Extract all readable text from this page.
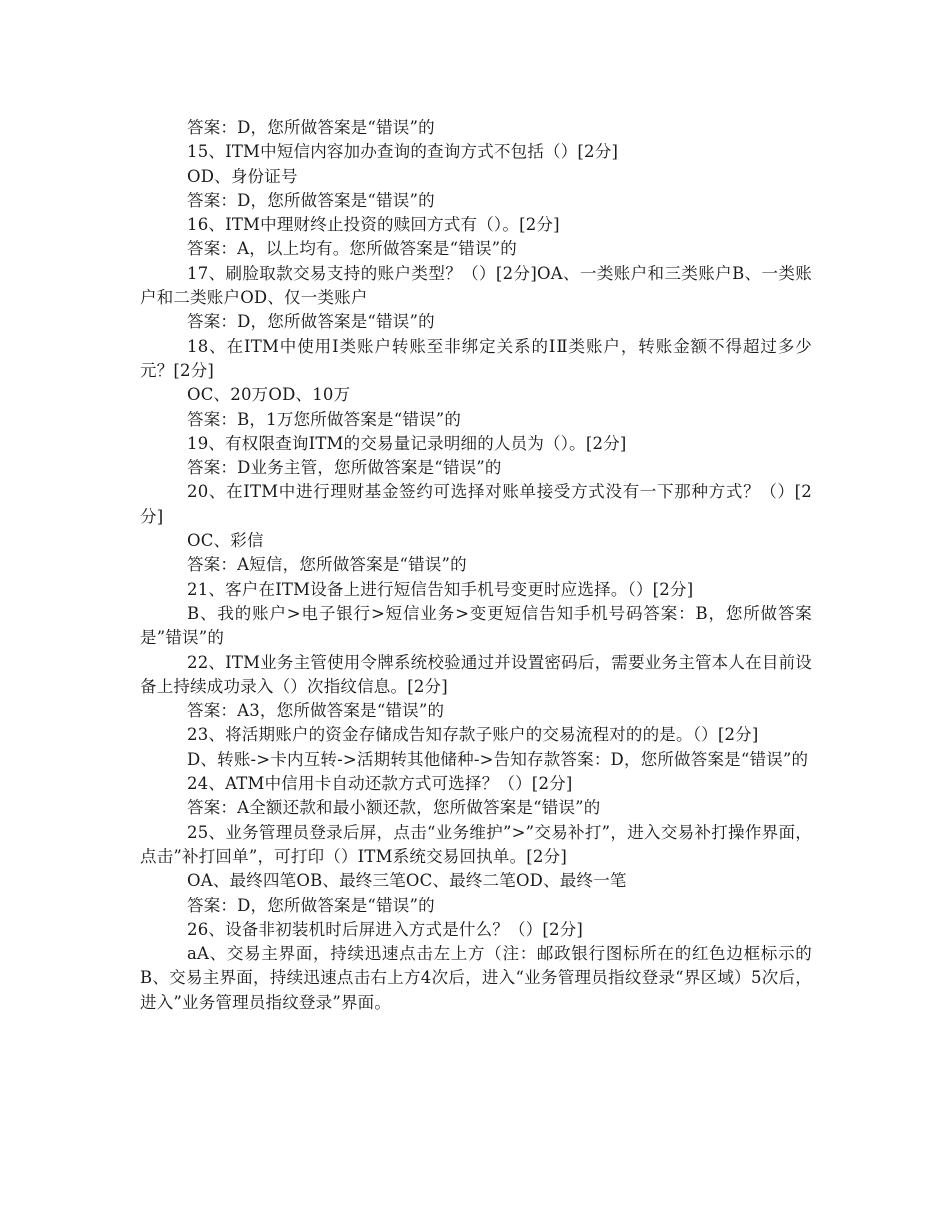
答案：D，您所做答案是“错误”的

15、ITM中短信内容加办查询的查询方式不包括（）[2分]

OD、身份证号

答案：D，您所做答案是“错误”的

16、ITM中理财终止投资的赎回方式有（）。[2分]

答案：A，以上均有。您所做答案是“错误”的

17、刷脸取款交易支持的账户类型？（）[2分]OA、一类账户和三类账户B、一类账户和二类账户OD、仅一类账户

答案：D，您所做答案是“错误”的

18、在ITM中使用I类账户转账至非绑定关系的IⅡ类账户，转账金额不得超过多少元？[2分]

OC、20万OD、10万

答案：B，1万您所做答案是“错误”的

19、有权限查询ITM的交易量记录明细的人员为（）。[2分]

答案：D业务主管，您所做答案是“错误”的

20、在ITM中进行理财基金签约可选择对账单接受方式没有一下那种方式？（）[2分]

OC、彩信

答案：A短信，您所做答案是“错误”的

21、客户在ITM设备上进行短信告知手机号变更时应选择。（）[2分]

B、我的账户>电子银行>短信业务>变更短信告知手机号码答案：B，您所做答案是”错误”的

22、ITM业务主管使用令牌系统校验通过并设置密码后，需要业务主管本人在目前设备上持续成功录入（）次指纹信息。[2分]

答案：A3，您所做答案是“错误”的

23、将活期账户的资金存储成告知存款子账户的交易流程对的的是。（）[2分]

D、转账->卡内互转->活期转其他储种->告知存款答案：D，您所做答案是“错误”的

24、ATM中信用卡自动还款方式可选择？（）[2分]

答案：A全额还款和最小额还款，您所做答案是“错误”的

25、业务管理员登录后屏，点击“业务维护”>”交易补打”，进入交易补打操作界面，点击”补打回单”，可打印（）ITM系统交易回执单。[2分]

OA、最终四笔OB、最终三笔OC、最终二笔OD、最终一笔

答案：D，您所做答案是“错误”的

26、设备非初装机时后屏进入方式是什么？（）[2分]

aA、交易主界面，持续迅速点击左上方（注：邮政银行图标所在的红色边框标示的B、交易主界面，持续迅速点击右上方4次后，进入“业务管理员指纹登录“界区域）5次后，进入”业务管理员指纹登录”界面。
